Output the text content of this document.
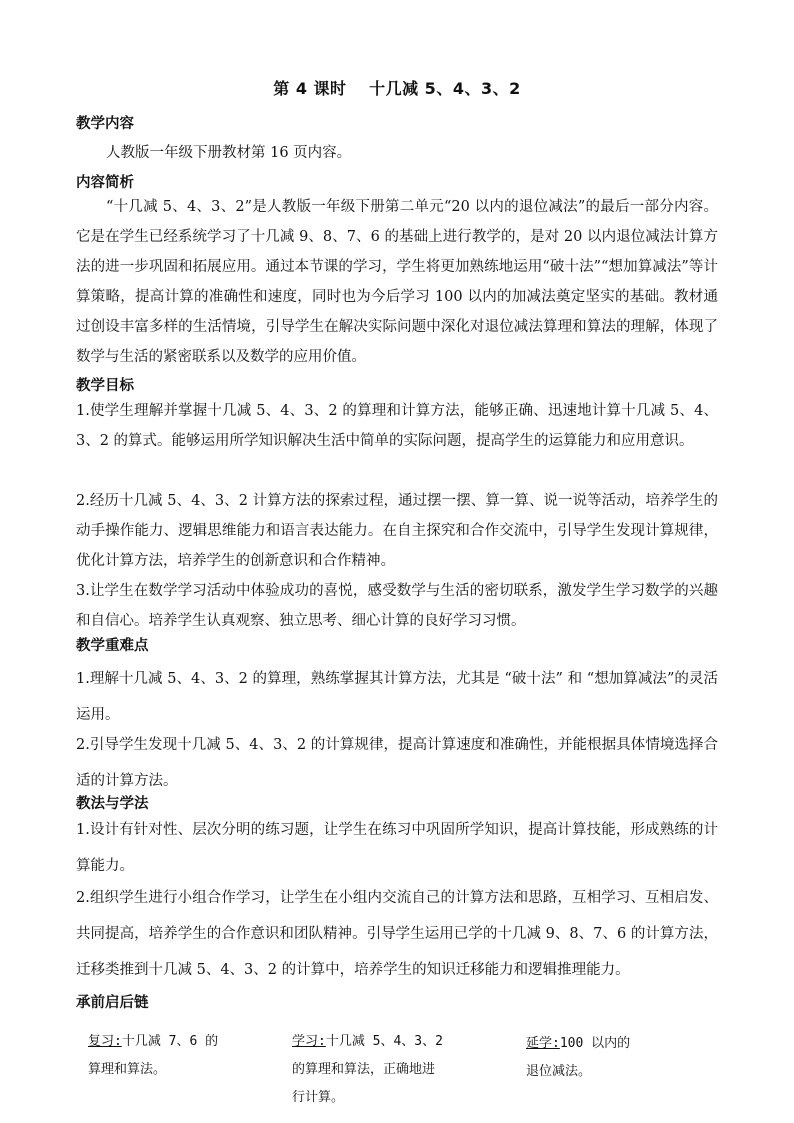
第 4 课时　 十几减 5、4、3、2
教学内容
人教版一年级下册教材第 16 页内容。
内容简析
“十几减 5、4、3、2”是人教版一年级下册第二单元“20 以内的退位减法”的最后一部分内容。它是在学生已经系统学习了十几减 9、8、7、6 的基础上进行教学的，是对 20 以内退位减法计算方法的进一步巩固和拓展应用。通过本节课的学习，学生将更加熟练地运用“破十法”“想加算减法”等计算策略，提高计算的准确性和速度，同时也为今后学习 100 以内的加减法奠定坚实的基础。教材通过创设丰富多样的生活情境，引导学生在解决实际问题中深化对退位减法算理和算法的理解，体现了数学与生活的紧密联系以及数学的应用价值。
教学目标
1.使学生理解并掌握十几减 5、4、3、2 的算理和计算方法，能够正确、迅速地计算十几减 5、4、3、2 的算式。能够运用所学知识解决生活中简单的实际问题，提高学生的运算能力和应用意识。
2.经历十几减 5、4、3、2 计算方法的探索过程，通过摆一摆、算一算、说一说等活动，培养学生的动手操作能力、逻辑思维能力和语言表达能力。在自主探究和合作交流中，引导学生发现计算规律，优化计算方法，培养学生的创新意识和合作精神。
3.让学生在数学学习活动中体验成功的喜悦，感受数学与生活的密切联系，激发学生学习数学的兴趣和自信心。培养学生认真观察、独立思考、细心计算的良好学习习惯。
教学重难点
1.理解十几减 5、4、3、2 的算理，熟练掌握其计算方法，尤其是 “破十法” 和 “想加算减法”的灵活运用。
2.引导学生发现十几减 5、4、3、2 的计算规律，提高计算速度和准确性，并能根据具体情境选择合适的计算方法。
教法与学法
1.设计有针对性、层次分明的练习题，让学生在练习中巩固所学知识，提高计算技能，形成熟练的计算能力。
2.组织学生进行小组合作学习，让学生在小组内交流自己的计算方法和思路，互相学习、互相启发、共同提高，培养学生的合作意识和团队精神。引导学生运用已学的十几减 9、8、7、6 的计算方法，迁移类推到十几减 5、4、3、2 的计算中，培养学生的知识迁移能力和逻辑推理能力。
承前启后链
复习:十几减 7、6 的
算理和算法。
学习:十几减 5、4、3、2
的算理和算法，正确地进
行计算。
延学:100 以内的
退位减法。
